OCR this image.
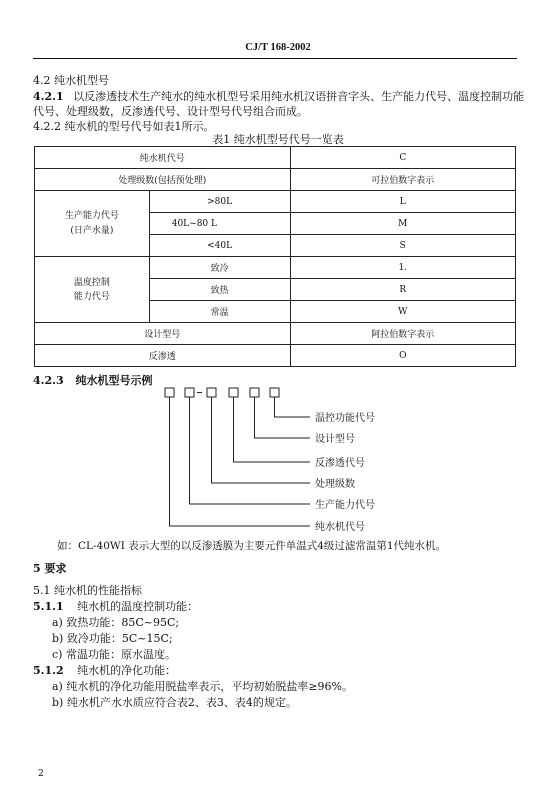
CJ/T 168-2002
4.2 纯水机型号
4.2.1 以反渗透技术生产纯水的纯水机型号采用纯水机汉语拼音字头、生产能力代号、温度控制功能
代号、处理级数，反渗透代号、设计型号代号组合而成。
4.2.2 纯水机的型号代号如表1所示。
表1 纯水机型号代号一览表
纯水机代号		C
处理级数(包括预处理)		可拉伯数字表示

生产能力代号
(日产水量)	>80L	L
	40L~80 L	M
	<40L	S

温度控制
能力代号	致冷	1.
	致热	R
	常温	W
设计型号		阿拉伯数字表示
反渗透		O
4.2.3 纯水机型号示例
温控功能代号
设计型号
反渗透代号
处理级数
生产能力代号
纯水机代号
如：CL-40WI 表示大型的以反渗透膜为主要元件单温式4级过滤常温第1代纯水机。
5 要求
5.1 纯水机的性能指标
5.1.1 纯水机的温度控制功能：
a) 致热功能：85C~95C;
b) 致冷功能：5C~15C;
c) 常温功能：原水温度。
5.1.2 纯水机的净化功能：
a) 纯水机的净化功能用脱盐率表示，平均初始脱盐率≥96%。
b) 纯水机产水水质应符合表2、表3、表4的规定。
2
